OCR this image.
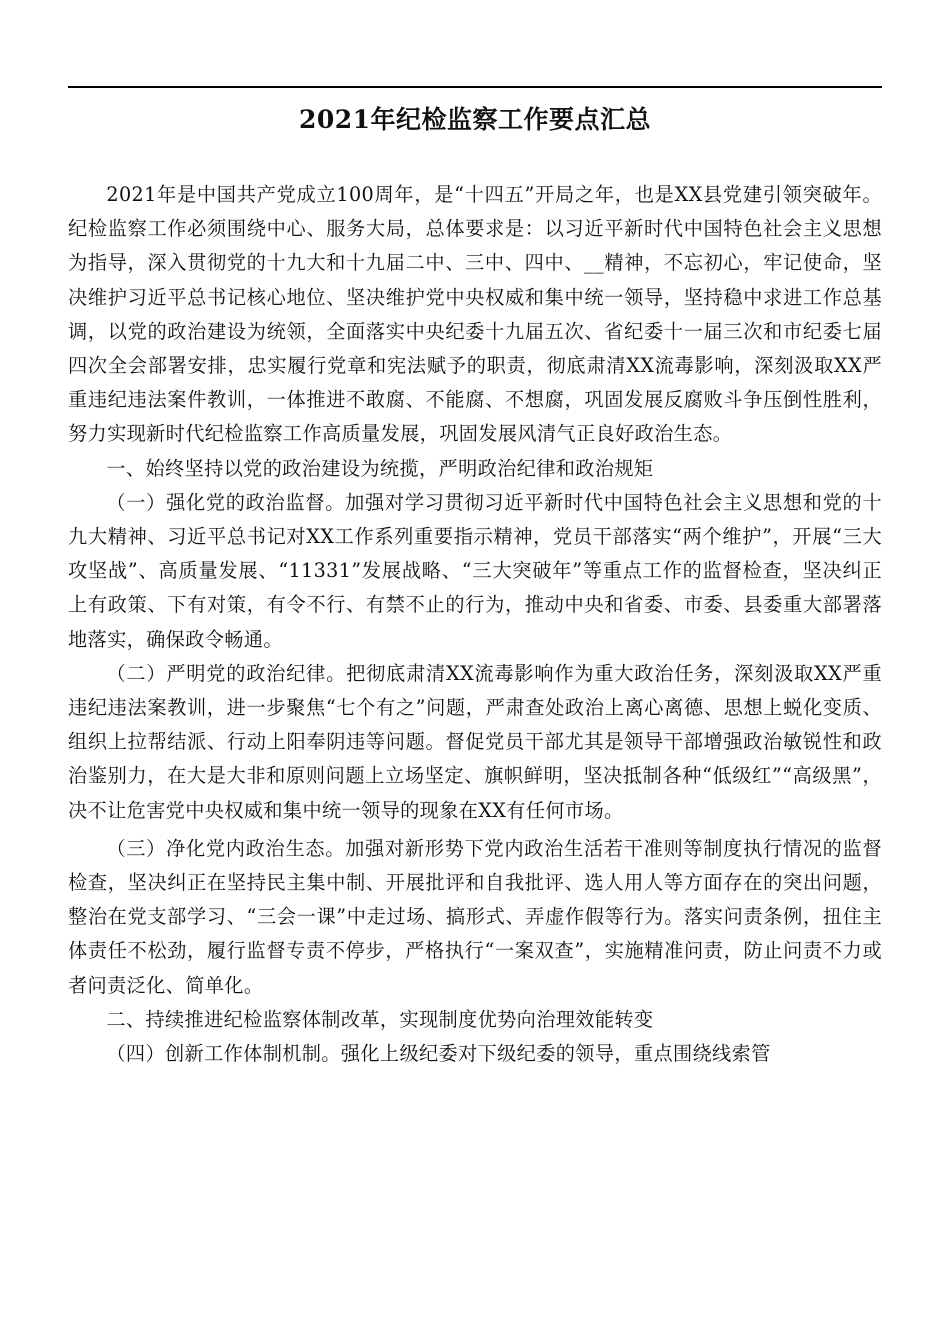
2021年纪检监察工作要点汇总

2021年是中国共产党成立100周年，是“十四五”开局之年，也是XX县党建引领突破年。纪检监察工作必须围绕中心、服务大局，总体要求是：以习近平新时代中国特色社会主义思想为指导，深入贯彻党的十九大和十九届二中、三中、四中、__精神，不忘初心，牢记使命，坚决维护习近平总书记核心地位、坚决维护党中央权威和集中统一领导，坚持稳中求进工作总基调，以党的政治建设为统领，全面落实中央纪委十九届五次、省纪委十一届三次和市纪委七届四次全会部署安排，忠实履行党章和宪法赋予的职责，彻底肃清XX流毒影响，深刻汲取XX严重违纪违法案件教训，一体推进不敢腐、不能腐、不想腐，巩固发展反腐败斗争压倒性胜利，努力实现新时代纪检监察工作高质量发展，巩固发展风清气正良好政治生态。

一、始终坚持以党的政治建设为统揽，严明政治纪律和政治规矩

（一）强化党的政治监督。加强对学习贯彻习近平新时代中国特色社会主义思想和党的十九大精神、习近平总书记对XX工作系列重要指示精神，党员干部落实“两个维护”，开展“三大攻坚战”、高质量发展、“11331”发展战略、“三大突破年”等重点工作的监督检查，坚决纠正上有政策、下有对策，有令不行、有禁不止的行为，推动中央和省委、市委、县委重大部署落地落实，确保政令畅通。

（二）严明党的政治纪律。把彻底肃清XX流毒影响作为重大政治任务，深刻汲取XX严重违纪违法案教训，进一步聚焦“七个有之”问题，严肃查处政治上离心离德、思想上蜕化变质、组织上拉帮结派、行动上阳奉阴违等问题。督促党员干部尤其是领导干部增强政治敏锐性和政治鉴别力，在大是大非和原则问题上立场坚定、旗帜鲜明，坚决抵制各种“低级红”“高级黑”，决不让危害党中央权威和集中统一领导的现象在XX有任何市场。

（三）净化党内政治生态。加强对新形势下党内政治生活若干准则等制度执行情况的监督检查，坚决纠正在坚持民主集中制、开展批评和自我批评、选人用人等方面存在的突出问题，整治在党支部学习、“三会一课”中走过场、搞形式、弄虚作假等行为。落实问责条例，扭住主体责任不松劲，履行监督专责不停步，严格执行“一案双查”，实施精准问责，防止问责不力或者问责泛化、简单化。

二、持续推进纪检监察体制改革，实现制度优势向治理效能转变

（四）创新工作体制机制。强化上级纪委对下级纪委的领导，重点围绕线索管
